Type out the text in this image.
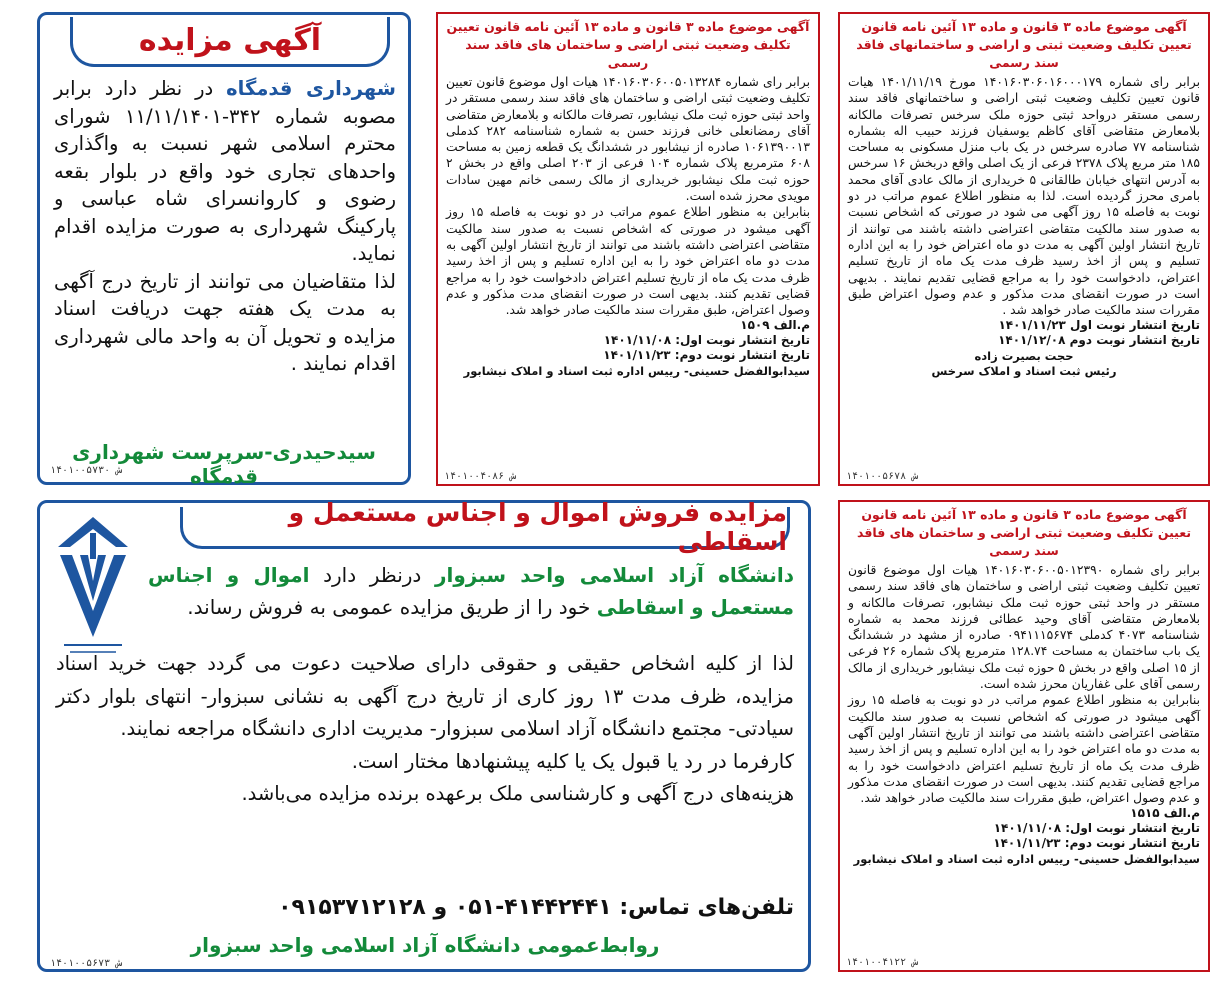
آگهی مزایده

شهرداری قدمگاه در نظر دارد برابر مصوبه شماره ۳۴۲-۱۱/۱۱/۱۴۰۱ شورای محترم اسلامی شهر نسبت به واگذاری واحدهای تجاری خود واقع در بلوار بقعه رضوی و کاروانسرای شاه عباسی و پارکینگ شهرداری به صورت مزایده اقدام نماید.

لذا متقاضیان می توانند از تاریخ درج آگهی به مدت یک هفته جهت دریافت اسناد مزایده و تحویل آن به واحد مالی شهرداری اقدام نمایند .

سیدحیدری-سرپرست شهرداری قدمگاه
۱۴۰۱۰۰۵۷۳۰ ش
آگهی موضوع ماده ۳ قانون و ماده ۱۳ آئین نامه قانون تعیین تکلیف وضعیت ثبتی اراضی و ساختمان های فاقد سند رسمی

برابر رای شماره ۱۴۰۱۶۰۳۰۶۰۰۵۰۱۳۲۸۴ هیات اول موضوع قانون تعیین تکلیف وضعیت ثبتی اراضی و ساختمان های فاقد سند رسمی مستقر در واحد ثبتی حوزه ثبت ملک نیشابور، تصرفات مالکانه و بلامعارض متقاضی آقای رمضانعلی خانی فرزند حسن به شماره شناسنامه ۲۸۲ کدملی ۱۰۶۱۳۹۰۰۱۳ صادره از نیشابور در ششدانگ یک قطعه زمین به مساحت ۶۰۸ مترمربع پلاک شماره ۱۰۴ فرعی از ۲۰۳ اصلی واقع در بخش ۲ حوزه ثبت ملک نیشابور خریداری از مالک رسمی خانم مهین سادات مویدی محرز شده است.

بنابراین به منظور اطلاع عموم مراتب در دو نوبت به فاصله ۱۵ روز آگهی میشود در صورتی که اشخاص نسبت به صدور سند مالکیت متقاضی اعتراضی داشته باشند می توانند از تاریخ انتشار اولین آگهی به مدت دو ماه اعتراض خود را به این اداره تسلیم و پس از اخذ رسید ظرف مدت یک ماه از تاریخ تسلیم اعتراض دادخواست خود را به مراجع قضایی تقدیم کنند. بدیهی است در صورت انقضای مدت مذکور و عدم وصول اعتراض، طبق مقررات سند مالکیت صادر خواهد شد.

م.الف ۱۵۰۹

تاریخ انتشار نوبت اول: ۱۴۰۱/۱۱/۰۸

تاریخ انتشار نوبت دوم: ۱۴۰۱/۱۱/۲۳

سیدابوالفضل حسینی- رییس اداره ثبت اسناد و املاک نیشابور

۱۴۰۱۰۰۴۰۸۶ ش
آگهی موضوع ماده ۳ قانون و ماده ۱۳ آئین نامه قانون تعیین تکلیف وضعیت ثبتی و اراضی و ساختمانهای فاقد سند رسمی

برابر رای شماره ۱۴۰۱۶۰۳۰۶۰۱۶۰۰۰۱۷۹ مورخ ۱۴۰۱/۱۱/۱۹ هیات قانون تعیین تکلیف وضعیت ثبتی اراضی و ساختمانهای فاقد سند رسمی مستقر درواحد ثبتی حوزه ملک سرخس تصرفات مالکانه بلامعارض متقاضی آقای کاظم یوسفیان فرزند حبیب اله بشماره شناسنامه ۷۷ صادره سرخس در یک باب منزل مسکونی به مساحت ۱۸۵ متر مربع پلاک ۲۳۷۸ فرعی از یک اصلی واقع دربخش ۱۶ سرخس به آدرس انتهای خیابان طالقانی ۵ خریداری از مالک عادی آقای محمد بامری محرز گردیده است. لذا به منظور اطلاع عموم مراتب در دو نوبت به فاصله ۱۵ روز آگهی می شود در صورتی که اشخاص نسبت به صدور سند مالکیت متقاضی اعتراضی داشته باشند می توانند از تاریخ انتشار اولین آگهی به مدت دو ماه اعتراض خود را به این اداره تسلیم و پس از اخذ رسید ظرف مدت یک ماه از تاریخ تسلیم اعتراض، دادخواست خود را به مراجع قضایی تقدیم نمایند . بدیهی است در صورت انقضای مدت مذکور و عدم وصول اعتراض طبق مقررات سند مالکیت صادر خواهد شد .

تاریخ انتشار نوبت اول ۱۴۰۱/۱۱/۲۳

تاریخ انتشار نوبت دوم ۱۴۰۱/۱۲/۰۸

حجت بصیرت زاده

رئیس ثبت اسناد و املاک سرخس

۱۴۰۱۰۰۵۶۷۸ ش
مزایده فروش اموال و اجناس مستعمل و اسقاطی
دانشگاه آزاد اسلامی واحد سبزوار درنظر دارد اموال و اجناس مستعمل و اسقاطی خود را از طریق مزایده عمومی به فروش رساند.

لذا از کلیه اشخاص حقیقی و حقوقی دارای صلاحیت دعوت می گردد جهت خرید اسناد مزایده، ظرف مدت ۱۳ روز کاری از تاریخ درج آگهی به نشانی سبزوار- انتهای بلوار دکتر سیادتی- مجتمع دانشگاه آزاد اسلامی سبزوار- مدیریت اداری دانشگاه مراجعه نمایند.

کارفرما در رد یا قبول یک یا کلیه پیشنهادها مختار است.

هزینه‌های درج آگهی و کارشناسی ملک برعهده برنده مزایده می‌باشد.

تلفن‌های تماس: ۴۱۴۴۲۴۴۱-۰۵۱ و ۰۹۱۵۳۷۱۲۱۲۸
روابط‌عمومی دانشگاه آزاد اسلامی واحد سبزوار
۱۴۰۱۰۰۵۶۷۳ ش
آگهی موضوع ماده ۳ قانون و ماده ۱۳ آئین نامه قانون تعیین تکلیف وضعیت ثبتی اراضی و ساختمان های فاقد سند رسمی

برابر رای شماره ۱۴۰۱۶۰۳۰۶۰۰۵۰۱۲۳۹۰ هیات اول موضوع قانون تعیین تکلیف وضعیت ثبتی اراضی و ساختمان های فاقد سند رسمی مستقر در واحد ثبتی حوزه ثبت ملک نیشابور، تصرفات مالکانه و بلامعارض متقاضی آقای وحید عطائی فرزند محمد به شماره شناسنامه ۴۰۷۳ کدملی ۰۹۴۱۱۱۵۶۷۴ صادره از مشهد در ششدانگ یک باب ساختمان به مساحت ۱۲۸.۷۴ مترمربع پلاک شماره ۲۶ فرعی از ۱۵ اصلی واقع در بخش ۵ حوزه ثبت ملک نیشابور خریداری از مالک رسمی آقای علی غفاریان محرز شده است.

بنابراین به منظور اطلاع عموم مراتب در دو نوبت به فاصله ۱۵ روز آگهی میشود در صورتی که اشخاص نسبت به صدور سند مالکیت متقاضی اعتراضی داشته باشند می توانند از تاریخ انتشار اولین آگهی به مدت دو ماه اعتراض خود را به این اداره تسلیم و پس از اخذ رسید ظرف مدت یک ماه از تاریخ تسلیم اعتراض دادخواست خود را به مراجع قضایی تقدیم کنند. بدیهی است در صورت انقضای مدت مذکور و عدم وصول اعتراض، طبق مقررات سند مالکیت صادر خواهد شد.

م.الف ۱۵۱۵

تاریخ انتشار نوبت اول: ۱۴۰۱/۱۱/۰۸

تاریخ انتشار نوبت دوم: ۱۴۰۱/۱۱/۲۳

سیدابوالفضل حسینی- رییس اداره ثبت اسناد و املاک نیشابور

۱۴۰۱۰۰۴۱۲۲ ش
